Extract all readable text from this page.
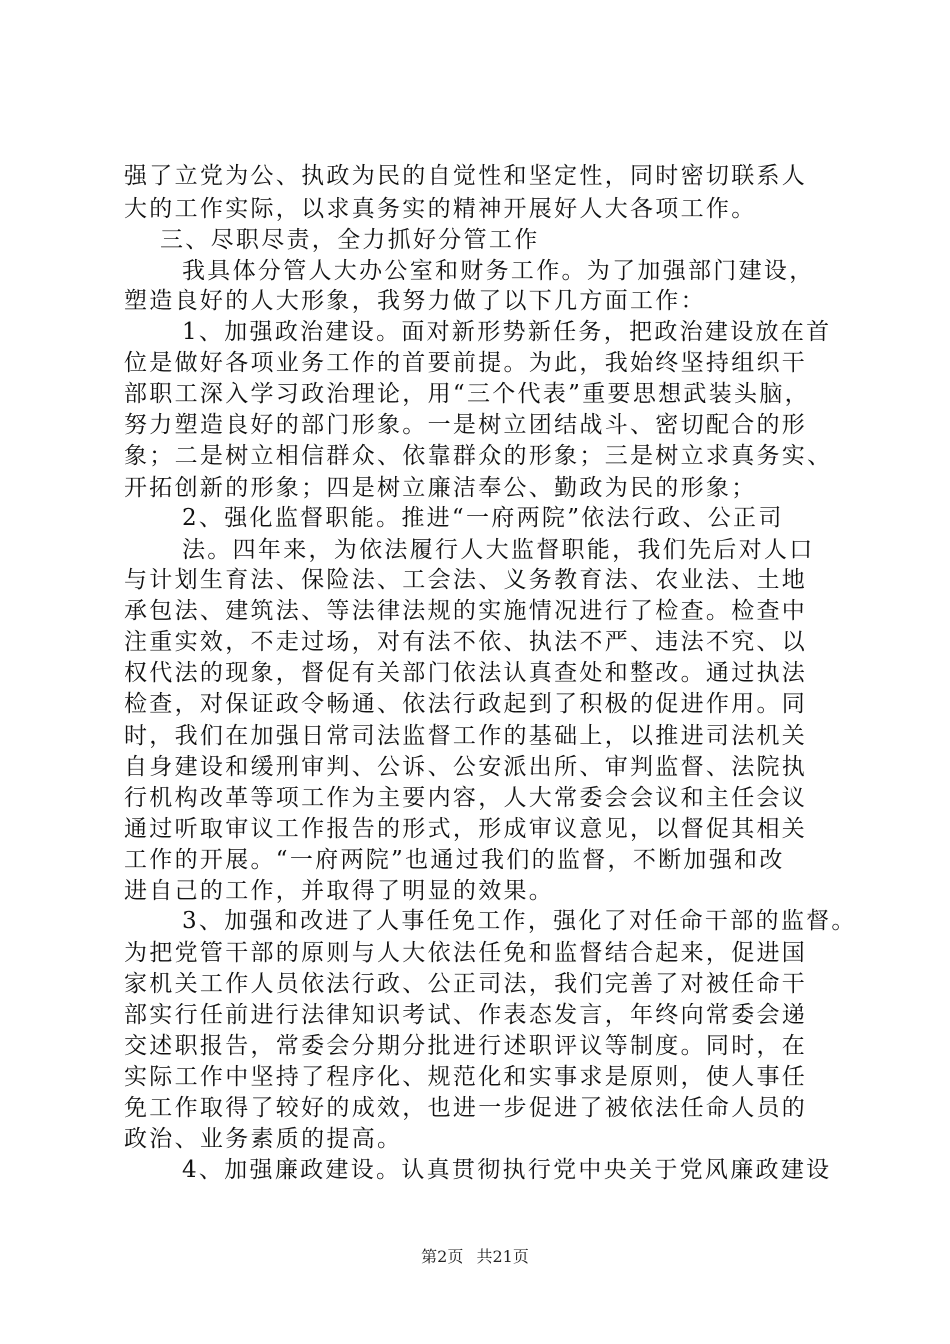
强了立党为公、执政为民的自觉性和坚定性，同时密切联系人
大的工作实际，以求真务实的精神开展好人大各项工作。
三、尽职尽责，全力抓好分管工作
我具体分管人大办公室和财务工作。为了加强部门建设，
塑造良好的人大形象，我努力做了以下几方面工作：
1、加强政治建设。面对新形势新任务，把政治建设放在首
位是做好各项业务工作的首要前提。为此，我始终坚持组织干
部职工深入学习政治理论，用“三个代表”重要思想武装头脑，
努力塑造良好的部门形象。一是树立团结战斗、密切配合的形
象；二是树立相信群众、依靠群众的形象；三是树立求真务实、
开拓创新的形象；四是树立廉洁奉公、勤政为民的形象；
2、强化监督职能。推进“一府两院”依法行政、公正司
法。四年来，为依法履行人大监督职能，我们先后对人口
与计划生育法、保险法、工会法、义务教育法、农业法、土地
承包法、建筑法、等法律法规的实施情况进行了检查。检查中
注重实效，不走过场，对有法不依、执法不严、违法不究、以
权代法的现象，督促有关部门依法认真查处和整改。通过执法
检查，对保证政令畅通、依法行政起到了积极的促进作用。同
时，我们在加强日常司法监督工作的基础上，以推进司法机关
自身建设和缓刑审判、公诉、公安派出所、审判监督、法院执
行机构改革等项工作为主要内容，人大常委会会议和主任会议
通过听取审议工作报告的形式，形成审议意见，以督促其相关
工作的开展。“一府两院”也通过我们的监督，不断加强和改
进自己的工作，并取得了明显的效果。
3、加强和改进了人事任免工作，强化了对任命干部的监督。
为把党管干部的原则与人大依法任免和监督结合起来，促进国
家机关工作人员依法行政、公正司法，我们完善了对被任命干
部实行任前进行法律知识考试、作表态发言，年终向常委会递
交述职报告，常委会分期分批进行述职评议等制度。同时，在
实际工作中坚持了程序化、规范化和实事求是原则，使人事任
免工作取得了较好的成效，也进一步促进了被依法任命人员的
政治、业务素质的提高。
4、加强廉政建设。认真贯彻执行党中央关于党风廉政建设
第2页 共21页
